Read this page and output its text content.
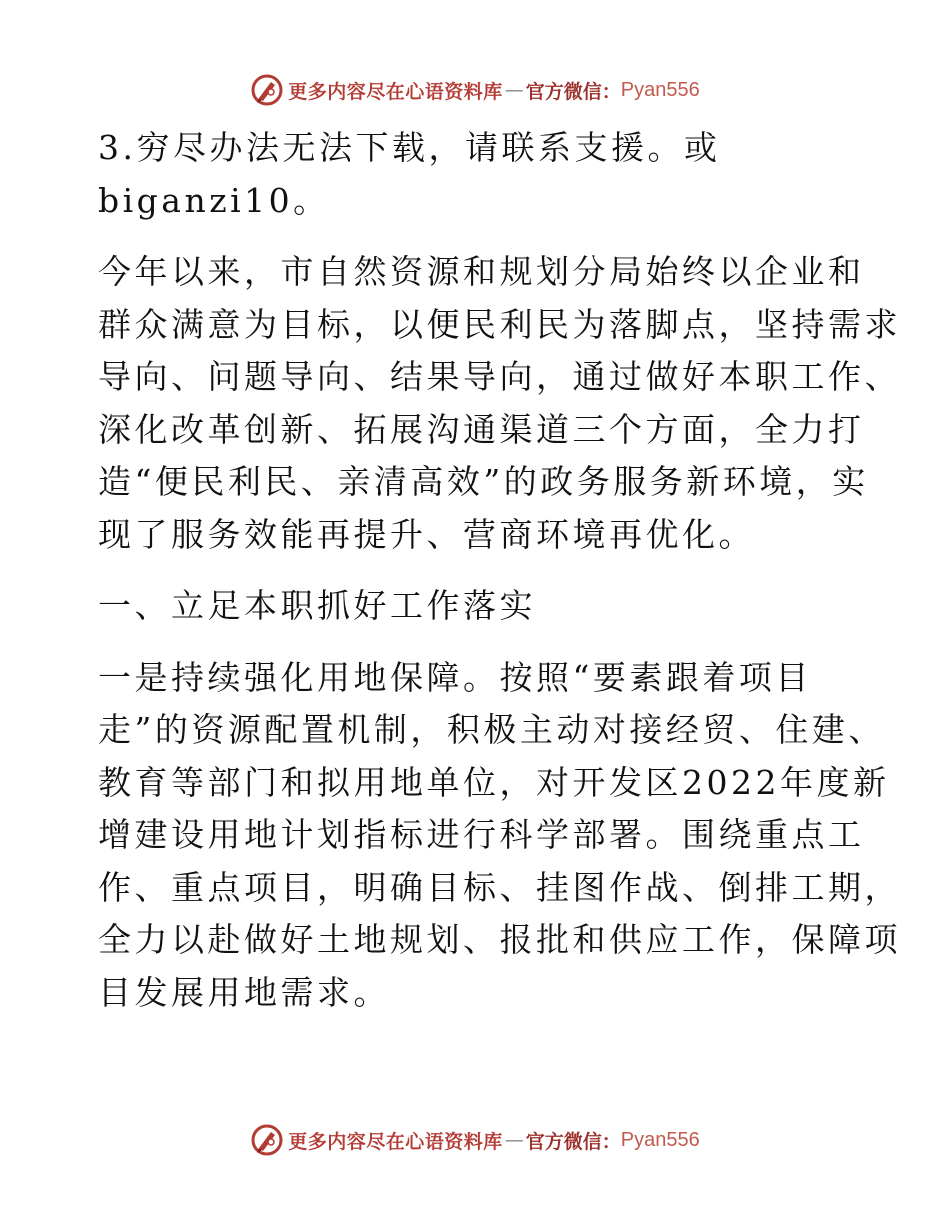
更多内容尽在心语资料库 — 官方微信： Pyan556

3.穷尽办法无法下载，请联系支援。或
biganzi10。

今年以来，市自然资源和规划分局始终以企业和
群众满意为目标，以便民利民为落脚点，坚持需求
导向、问题导向、结果导向，通过做好本职工作、
深化改革创新、拓展沟通渠道三个方面，全力打
造“便民利民、亲清高效”的政务服务新环境，实
现了服务效能再提升、营商环境再优化。

一、立足本职抓好工作落实

一是持续强化用地保障。按照“要素跟着项目
走”的资源配置机制，积极主动对接经贸、住建、
教育等部门和拟用地单位，对开发区2022年度新
增建设用地计划指标进行科学部署。围绕重点工
作、重点项目，明确目标、挂图作战、倒排工期，
全力以赴做好土地规划、报批和供应工作，保障项
目发展用地需求。

更多内容尽在心语资料库 — 官方微信： Pyan556
